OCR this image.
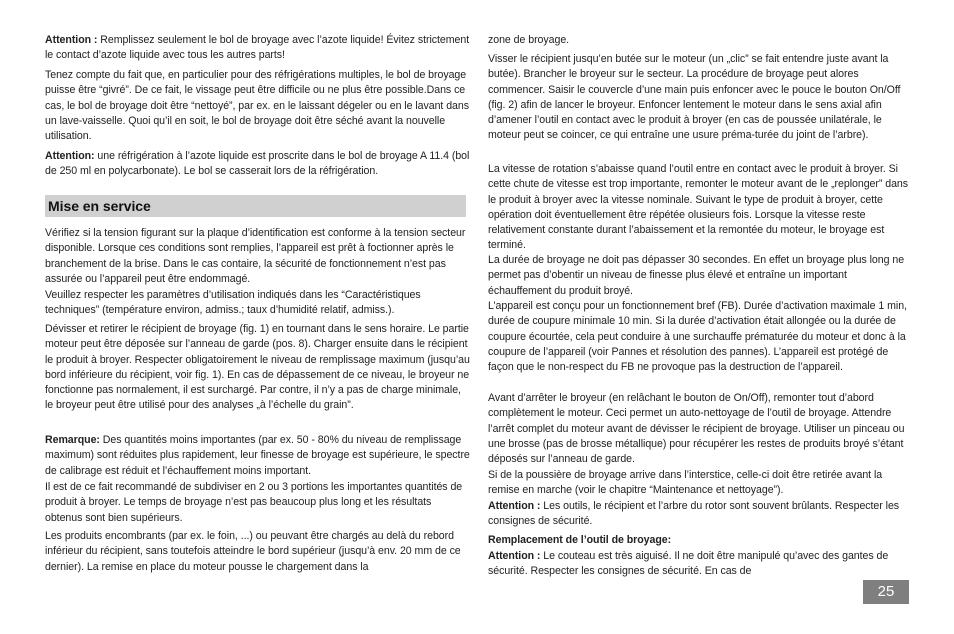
Attention : Remplissez seulement le bol de broyage avec l’azote liquide! Évitez strictement le contact d’azote liquide avec tous les autres parts!

Tenez compte du fait que, en particulier pour des réfrigérations multiples, le bol de broyage puisse être “givré”. De ce fait, le vissage peut être difficile ou ne plus être possible.Dans ce cas, le bol de broyage doit être “nettoyé”, par ex. en le laissant dégeler ou en le lavant dans un lave-vaisselle. Quoi qu’il en soit, le bol de broyage doit être séché avant la nouvelle utilisation.

Attention: une réfrigération à l’azote liquide est proscrite dans le bol de broyage A 11.4 (bol de 250 ml en polycarbonate). Le bol se casserait lors de la réfrigération.

Mise en service

Vérifiez si la tension figurant sur la plaque d’identification est conforme à la tension secteur disponible. Lorsque ces conditions sont remplies, l’appareil est prêt à foctionner après le branchement de la brise. Dans le cas contaire, la sécurité de fonctionnement n’est pas assurée ou l’appareil peut être endommagé.

Veuillez respecter les paramètres d’utilisation indiqués dans les “Caractéristiques techniques” (température environ, admiss.; taux d’humidité relatif, admiss.).

Dévisser et retirer le récipient de broyage (fig. 1) en tournant dans le sens horaire. Le partie moteur peut être déposée sur l’anneau de garde (pos. 8). Charger ensuite dans le récipient le produit à broyer. Respecter obligatoirement le niveau de remplissage maximum (jusqu’au bord inférieure du récipient, voir fig. 1). En cas de dépassement de ce niveau, le broyeur ne fonctionne pas normalement, il est surchargé. Par contre, il n’y a pas de charge minimale, le broyeur peut être utilisé pour des analyses „à l’échelle du grain”.

Remarque: Des quantités moins importantes (par ex. 50 - 80% du niveau de remplissage maximum) sont réduites plus rapidement, leur finesse de broyage est supérieure, le spectre de calibrage est réduit et l’échauffement moins important.

Il est de ce fait recommandé de subdiviser en 2 ou 3 portions les importantes quantités de produit à broyer. Le temps de broyage n’est pas beaucoup plus long et les résultats obtenus sont bien supérieurs.

Les produits encombrants (par ex. le foin, ...) ou peuvant être chargés au delà du rebord inférieur du récipient, sans toutefois atteindre le bord supérieur (jusqu’à env. 20 mm de ce dernier). La remise en place du moteur pousse le chargement dans la

zone de broyage.

Visser le récipient jusqu’en butée sur le moteur (un „clic” se fait entendre juste avant la butée). Brancher le broyeur sur le secteur. La procédure de broyage peut alores commencer. Saisir le couvercle d’une main puis enfoncer avec le pouce le bouton On/Off (fig. 2) afin de lancer le broyeur. Enfoncer lentement le moteur dans le sens axial afin d’amener l’outil en contact avec le produit à broyer (en cas de poussée unilatérale, le moteur peut se coincer, ce qui entraîne une usure préma-turée du joint de l’arbre).

La vitesse de rotation s’abaisse quand l’outil entre en contact avec le produit à broyer. Si cette chute de vitesse est trop importante, remonter le moteur avant de le „replonger” dans le produit à broyer avec la vitesse nominale. Suivant le type de produit à broyer, cette opération doit éventuellement être répétée olusieurs fois. Lorsque la vitesse reste relativement constante durant l’abaissement et la remontée du moteur, le broyage est terminé.

La durée de broyage ne doit pas dépasser 30 secondes. En effet un broyage plus long ne permet pas d’obentir un niveau de finesse plus élevé et entraîne un important échauffement du produit broyé.

L’appareil est conçu pour un fonctionnement bref (FB). Durée d’activation maximale 1 min, durée de coupure minimale 10 min. Si la durée d’activation était allongée ou la durée de coupure écourtée, cela peut conduire à une surchauffe prématurée du moteur et donc à la coupure de l’appareil (voir Pannes et résolution des pannes). L’appareil est protégé de façon que le non-respect du FB ne provoque pas la destruction de l’appareil.

Avant d’arrêter le broyeur (en relâchant le bouton de On/Off), remonter tout d’abord complètement le moteur. Ceci permet un auto-nettoyage de l’outil de broyage. Attendre l’arrêt complet du moteur avant de dévisser le récipient de broyage. Utiliser un pinceau ou une brosse (pas de brosse métallique) pour récupérer les restes de produits broyé s’étant déposés sur l’anneau de garde.

Si de la poussière de broyage arrive dans l’interstice, celle-ci doit être retirée avant la remise en marche (voir le chapitre “Maintenance et nettoyage”).

Attention : Les outils, le récipient et l’arbre du rotor sont souvent brûlants. Respecter les consignes de sécurité.

Remplacement de l’outil de broyage:

Attention : Le couteau est très aiguisé. Il ne doit être manipulé qu’avec des gantes de sécurité. Respecter les consignes de sécurité. En cas de

25
